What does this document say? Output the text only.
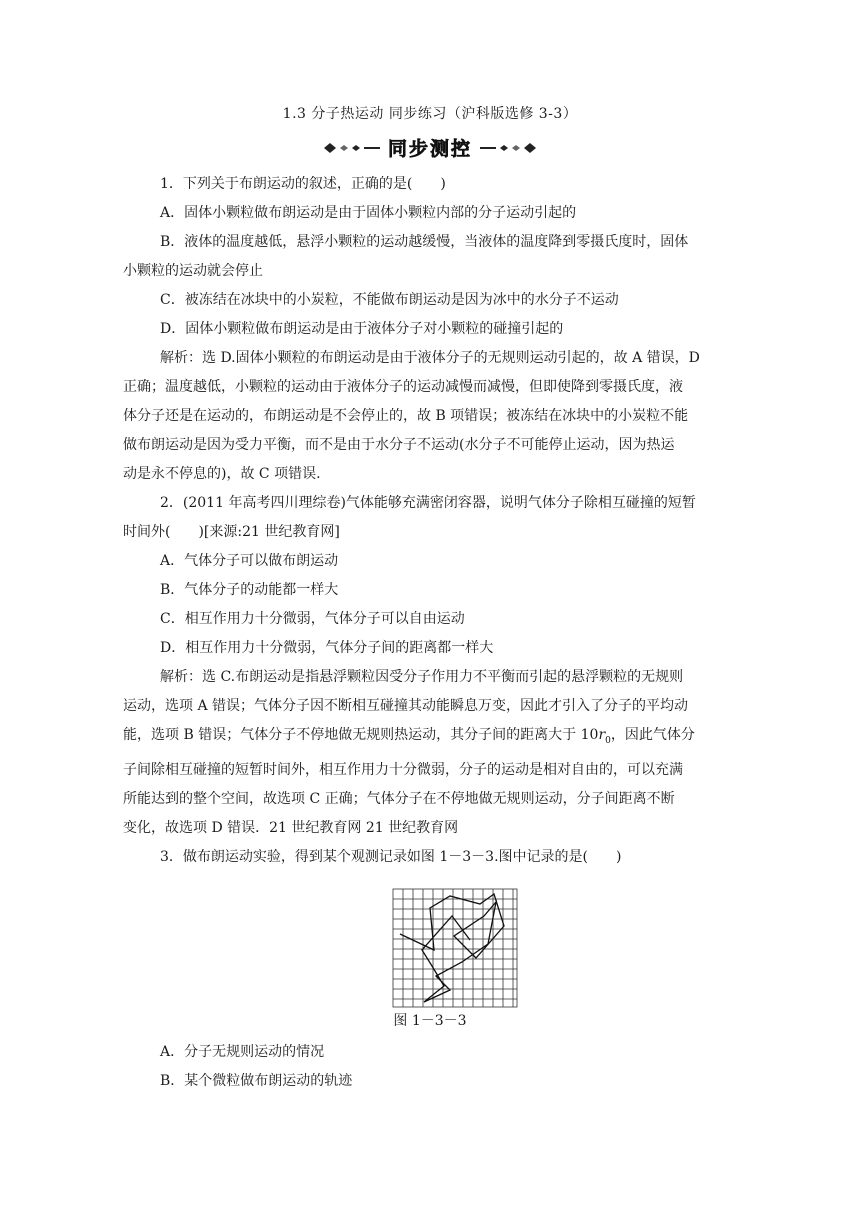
1.3 分子热运动 同步练习（沪科版选修 3-3）
同步测控

1．下列关于布朗运动的叙述，正确的是(　　)

A．固体小颗粒做布朗运动是由于固体小颗粒内部的分子运动引起的

B．液体的温度越低，悬浮小颗粒的运动越缓慢，当液体的温度降到零摄氏度时，固体

小颗粒的运动就会停止

C．被冻结在冰块中的小炭粒，不能做布朗运动是因为冰中的水分子不运动

D．固体小颗粒做布朗运动是由于液体分子对小颗粒的碰撞引起的

解析：选 D.固体小颗粒的布朗运动是由于液体分子的无规则运动引起的，故 A 错误，D

正确；温度越低，小颗粒的运动由于液体分子的运动减慢而减慢，但即使降到零摄氏度，液

体分子还是在运动的，布朗运动是不会停止的，故 B 项错误；被冻结在冰块中的小炭粒不能

做布朗运动是因为受力平衡，而不是由于水分子不运动(水分子不可能停止运动，因为热运

动是永不停息的)，故 C 项错误.

2．(2011 年高考四川理综卷)气体能够充满密闭容器，说明气体分子除相互碰撞的短暂

时间外(　　)[来源:21 世纪教育网]

A．气体分子可以做布朗运动

B．气体分子的动能都一样大

C．相互作用力十分微弱，气体分子可以自由运动

D．相互作用力十分微弱，气体分子间的距离都一样大

解析：选 C.布朗运动是指悬浮颗粒因受分子作用力不平衡而引起的悬浮颗粒的无规则

运动，选项 A 错误；气体分子因不断相互碰撞其动能瞬息万变，因此才引入了分子的平均动

能，选项 B 错误；气体分子不停地做无规则热运动，其分子间的距离大于 $10r_0$，因此气体分

子间除相互碰撞的短暂时间外，相互作用力十分微弱，分子的运动是相对自由的，可以充满

所能达到的整个空间，故选项 C 正确；气体分子在不停地做无规则运动，分子间距离不断

变化，故选项 D 错误．21 世纪教育网 21 世纪教育网

3．做布朗运动实验，得到某个观测记录如图 1－3－3.图中记录的是(　　)

图 1－3－3

A．分子无规则运动的情况

B．某个微粒做布朗运动的轨迹
